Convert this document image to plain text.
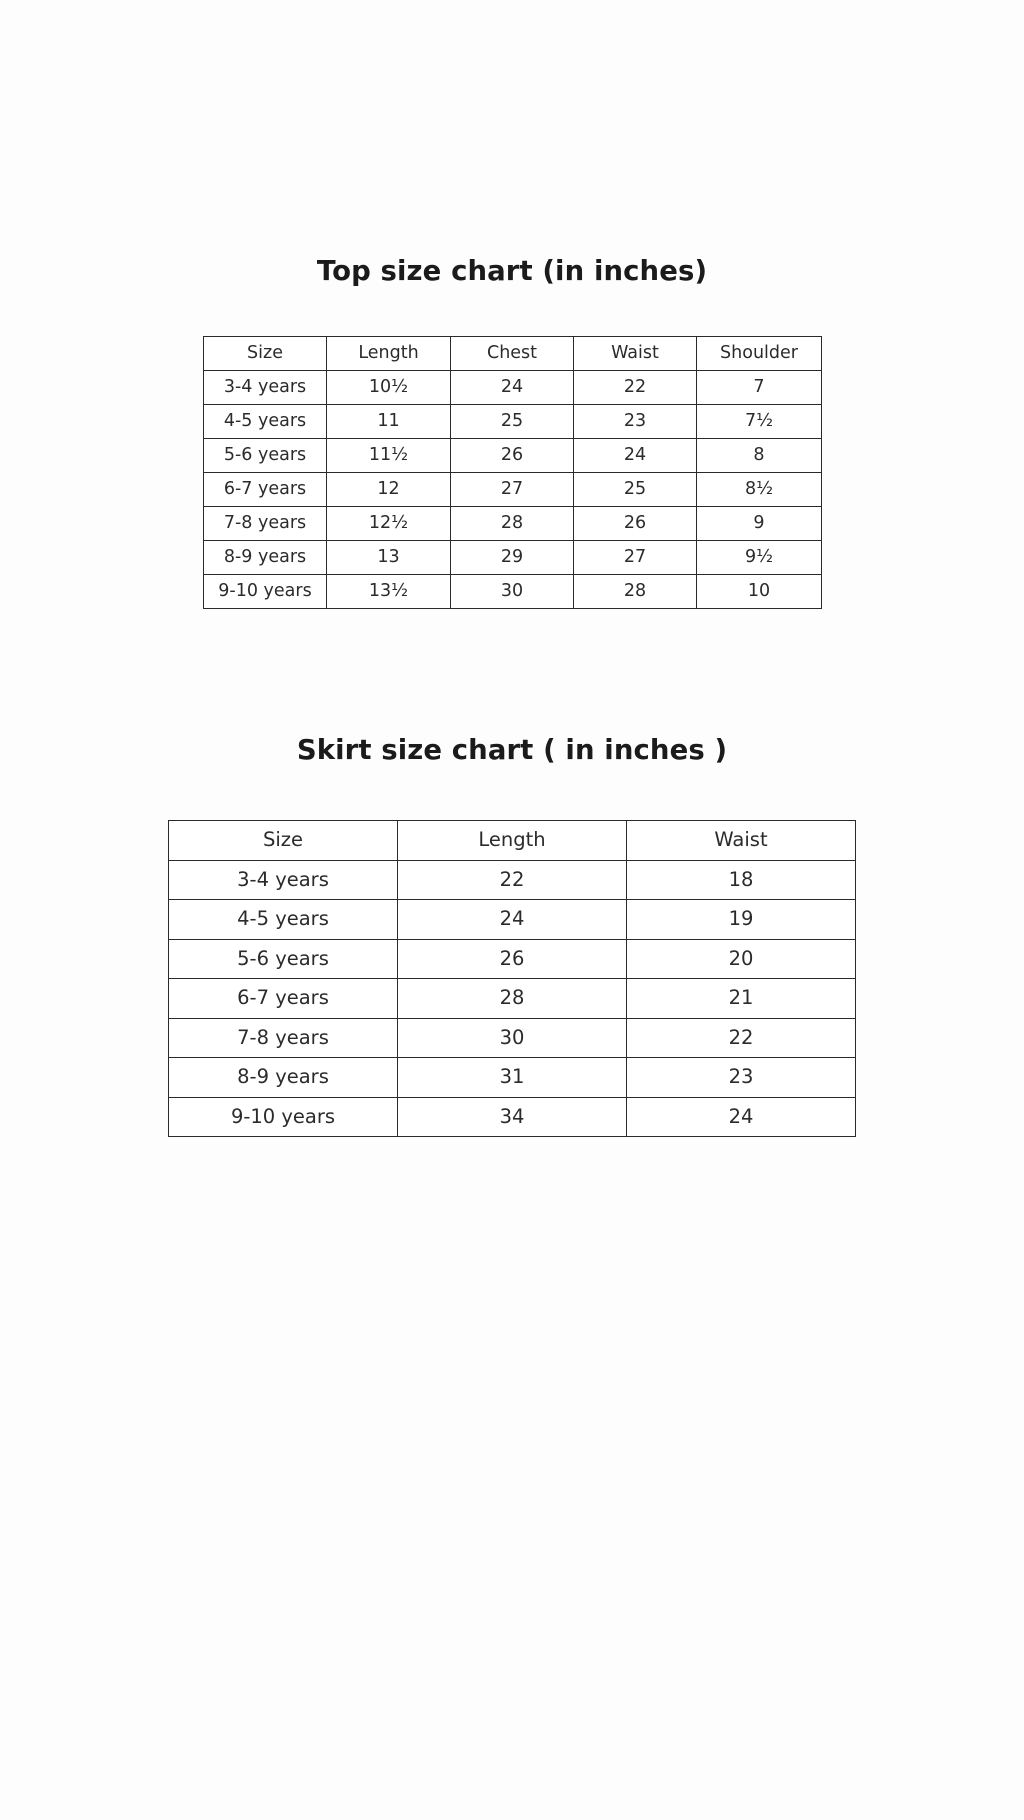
Top size chart (in inches)
Size	Length	Chest	Waist	Shoulder
3-4 years	10½	24	22	7
4-5 years	11	25	23	7½
5-6 years	11½	26	24	8
6-7 years	12	27	25	8½
7-8 years	12½	28	26	9
8-9 years	13	29	27	9½
9-10 years	13½	30	28	10
Skirt size chart ( in inches )
Size	Length	Waist
3-4 years	22	18
4-5 years	24	19
5-6 years	26	20
6-7 years	28	21
7-8 years	30	22
8-9 years	31	23
9-10 years	34	24
